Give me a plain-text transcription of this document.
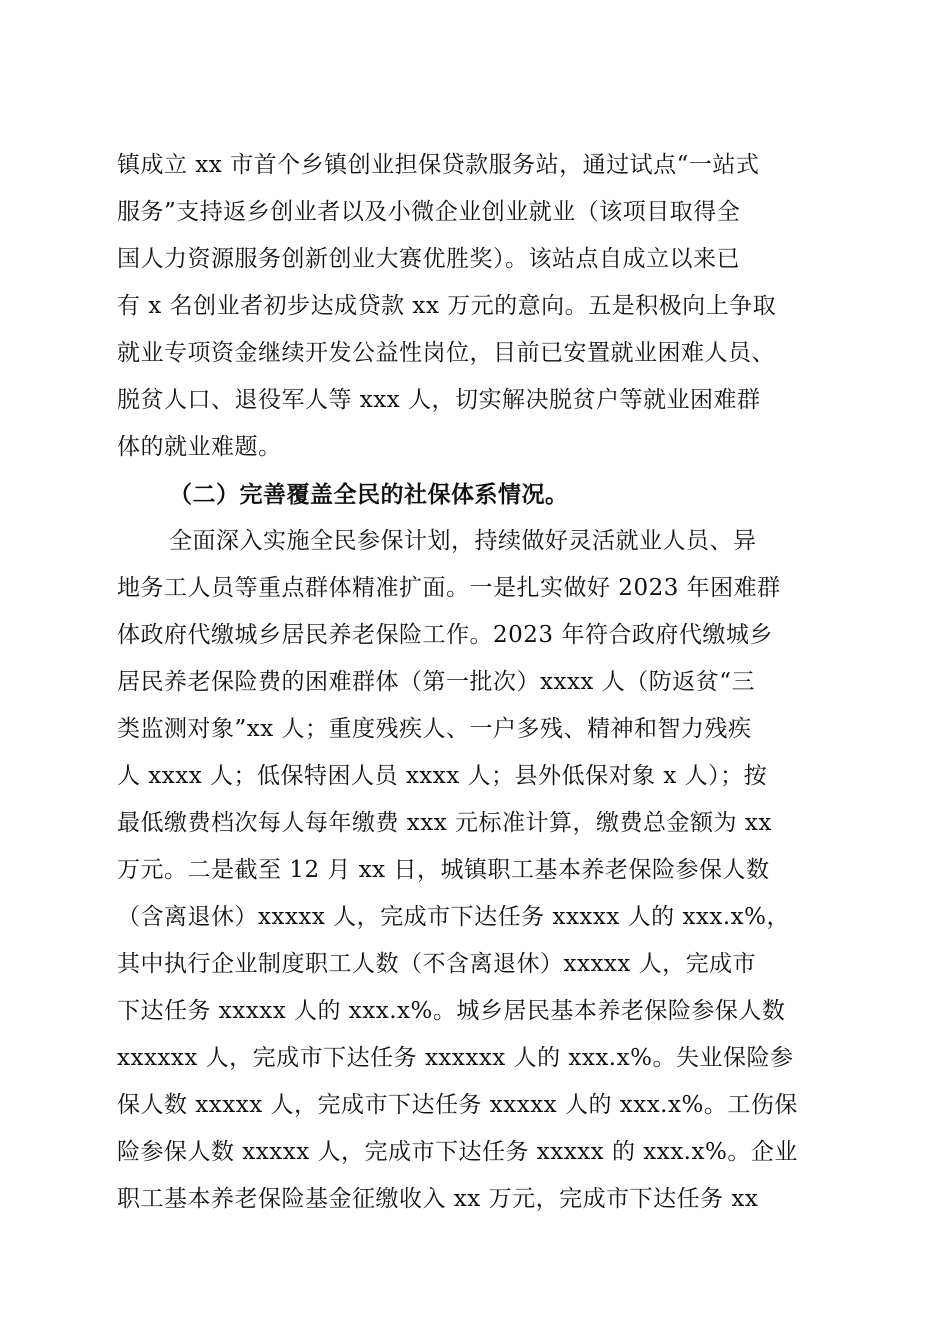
镇成立 xx 市首个乡镇创业担保贷款服务站，通过试点“一站式
服务”支持返乡创业者以及小微企业创业就业（该项目取得全
国人力资源服务创新创业大赛优胜奖）。该站点自成立以来已
有 x 名创业者初步达成贷款 xx 万元的意向。五是积极向上争取
就业专项资金继续开发公益性岗位，目前已安置就业困难人员、
脱贫人口、退役军人等 xxx 人，切实解决脱贫户等就业困难群
体的就业难题。
（二）完善覆盖全民的社保体系情况。
全面深入实施全民参保计划，持续做好灵活就业人员、异
地务工人员等重点群体精准扩面。一是扎实做好 2023 年困难群
体政府代缴城乡居民养老保险工作。2023 年符合政府代缴城乡
居民养老保险费的困难群体（第一批次）xxxx 人（防返贫“三
类监测对象”xx 人；重度残疾人、一户多残、精神和智力残疾
人 xxxx 人；低保特困人员 xxxx 人；县外低保对象 x 人）；按
最低缴费档次每人每年缴费 xxx 元标准计算，缴费总金额为 xx
万元。二是截至 12 月 xx 日，城镇职工基本养老保险参保人数
（含离退休）xxxxx 人，完成市下达任务 xxxxx 人的 xxx.x%，
其中执行企业制度职工人数（不含离退休）xxxxx 人，完成市
下达任务 xxxxx 人的 xxx.x%。城乡居民基本养老保险参保人数
xxxxxx 人，完成市下达任务 xxxxxx 人的 xxx.x%。失业保险参
保人数 xxxxx 人，完成市下达任务 xxxxx 人的 xxx.x%。工伤保
险参保人数 xxxxx 人，完成市下达任务 xxxxx 的 xxx.x%。企业
职工基本养老保险基金征缴收入 xx 万元，完成市下达任务 xx
